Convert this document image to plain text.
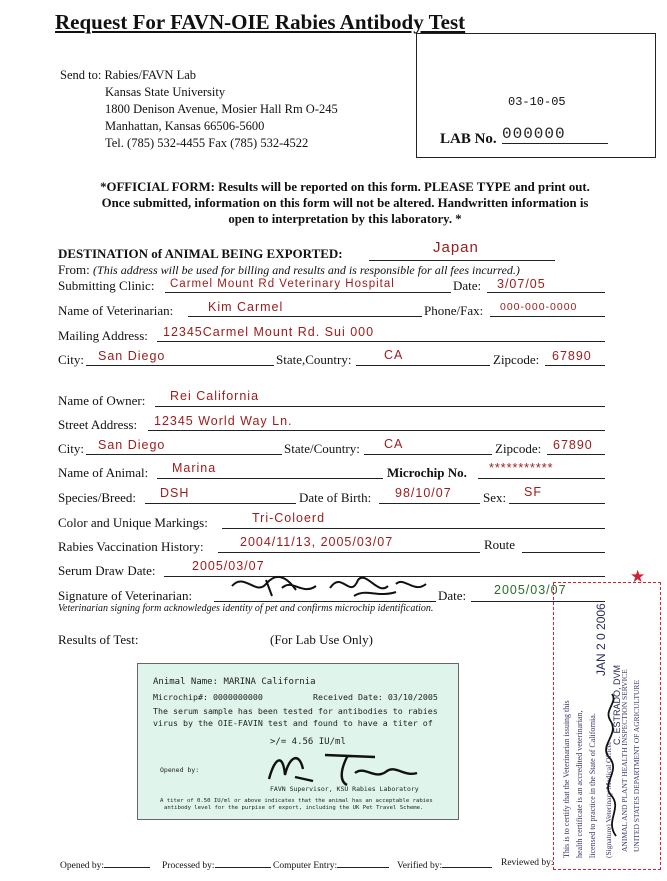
Request For FAVN-OIE Rabies Antibody Test
Send to: Rabies/FAVN Lab
Kansas State University
1800 Denison Avenue, Mosier Hall Rm O-245
Manhattan, Kansas 66506-5600
Tel. (785) 532-4455 Fax (785) 532-4522
03-10-05
LAB No. 000000
*OFFICIAL FORM: Results will be reported on this form. PLEASE TYPE and print out.
Once submitted, information on this form will not be altered. Handwritten information is
open to interpretation by this laboratory. *
DESTINATION of ANIMAL BEING EXPORTED:	Japan
From: (This address will be used for billing and results and is responsible for all fees incurred.)
Submitting Clinic: Carmel Mount Rd Veterinary Hospital	Date: 3/07/05
Name of Veterinarian:	Kim Carmel	Phone/Fax: 000-000-0000
Mailing Address: 12345Carmel Mount Rd. Sui 000
City: San Diego	State,Country:	CA	Zipcode: 67890
Name of Owner: Rei California
Street Address: 12345 World Way Ln.
City: San Diego	State/Country: CA	Zipcode: 67890
Name of Animal: Marina	Microchip No. ***********
Species/Breed: DSH	Date of Birth: 98/10/07 Sex: SF
Color and Unique Markings:	Tri-Coloerd
Rabies Vaccination History:	2004/11/13, 2005/03/07	Route
Serum Draw Date:	2005/03/07
Signature of Veterinarian:	Date: 2005/03/07
Veterinarian signing form acknowledges identity of pet and confirms microchip identification.
Results of Test:	(For Lab Use Only)
Animal Name: MARINA California
Microchip#: 0000000000	Received Date: 03/10/2005
The serum sample has been tested for antibodies to rabies
virus by the OIE-FAVIN test and found to have a titer of
>/= 4.56 IU/ml
Opened by:
FAVN Supervisor, KSU Rabies Laboratory
A titer of 0.50 IU/ml or above indicates that the animal has an acceptable rabies
antibody level for the purpise of export, including the UK Pet Travel Scheme.
★
This is to certify that the Veterinarian issuing this health certificate is an accredited veterinarian, licensed to practice in the State of California. (Signature) Veterinary Medical Officer ANIMAL AND PLANT HEALTH INSPECTION SERVICE UNITED STATES DEPARTMENT OF AGRICULTURE
JAN 2 0 2006
C. ESTRADO, DVM
Opened by:	Processed by:	Computer Entry:	Verified by:	Reviewed by:
